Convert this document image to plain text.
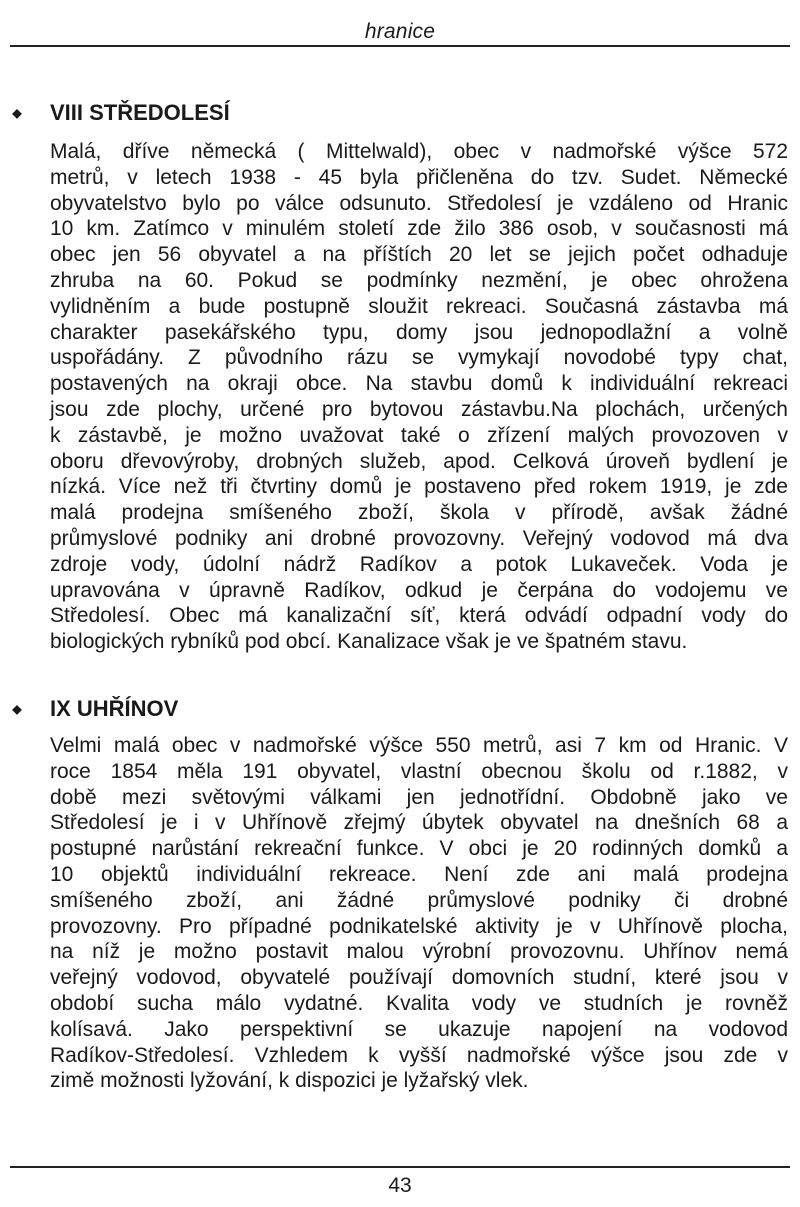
hranice
◆ VIII STŘEDOLESÍ
Malá, dříve německá ( Mittelwald), obec v nadmořské výšce 572
metrů, v letech 1938 - 45 byla přičleněna do tzv. Sudet. Německé
obyvatelstvo bylo po válce odsunuto. Středolesí je vzdáleno od Hranic
10 km. Zatímco v minulém století zde žilo 386 osob, v současnosti má
obec jen 56 obyvatel a na příštích 20 let se jejich počet odhaduje
zhruba na 60. Pokud se podmínky nezmění, je obec ohrožena
vylidněním a bude postupně sloužit rekreaci. Současná zástavba má
charakter pasekářského typu, domy jsou jednopodlažní a volně
uspořádány. Z původního rázu se vymykají novodobé typy chat,
postavených na okraji obce. Na stavbu domů k individuální rekreaci
jsou zde plochy, určené pro bytovou zástavbu.Na plochách, určených
k zástavbě, je možno uvažovat také o zřízení malých provozoven v
oboru dřevovýroby, drobných služeb, apod. Celková úroveň bydlení je
nízká. Více než tři čtvrtiny domů je postaveno před rokem 1919, je zde
malá prodejna smíšeného zboží, škola v přírodě, avšak žádné
průmyslové podniky ani drobné provozovny. Veřejný vodovod má dva
zdroje vody, údolní nádrž Radíkov a potok Lukaveček. Voda je
upravována v úpravně Radíkov, odkud je čerpána do vodojemu ve
Středolesí. Obec má kanalizační síť, která odvádí odpadní vody do
biologických rybníků pod obcí. Kanalizace však je ve špatném stavu.
◆ IX UHŘÍNOV
Velmi malá obec v nadmořské výšce 550 metrů, asi 7 km od Hranic. V
roce 1854 měla 191 obyvatel, vlastní obecnou školu od r.1882, v
době mezi světovými válkami jen jednotřídní. Obdobně jako ve
Středolesí je i v Uhřínově zřejmý úbytek obyvatel na dnešních 68 a
postupné narůstání rekreační funkce. V obci je 20 rodinných domků a
10 objektů individuální rekreace. Není zde ani malá prodejna
smíšeného zboží, ani žádné průmyslové podniky či drobné
provozovny. Pro případné podnikatelské aktivity je v Uhřínově plocha,
na níž je možno postavit malou výrobní provozovnu. Uhřínov nemá
veřejný vodovod, obyvatelé používají domovních studní, které jsou v
období sucha málo vydatné. Kvalita vody ve studních je rovněž
kolísavá. Jako perspektivní se ukazuje napojení na vodovod
Radíkov-Středolesí. Vzhledem k vyšší nadmořské výšce jsou zde v
zimě možnosti lyžování, k dispozici je lyžařský vlek.
43
